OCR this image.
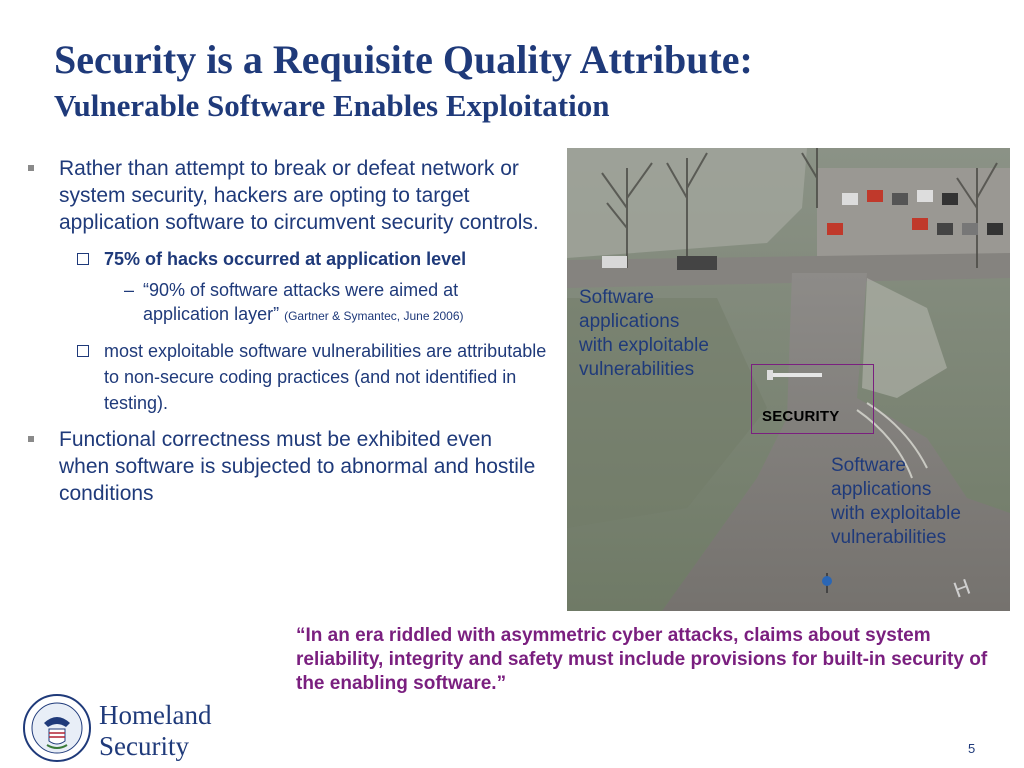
Security is a Requisite Quality Attribute:
Vulnerable Software Enables Exploitation
Rather than attempt to break or defeat network or system security, hackers are opting to target application software to circumvent security controls.
75% of hacks occurred at application level
– “90% of software attacks were aimed at application layer” (Gartner & Symantec, June 2006)
most exploitable software vulnerabilities are attributable to non-secure coding practices (and not identified in testing).
Functional correctness must be exhibited even when software is subjected to abnormal and hostile conditions
H
Software
applications
with exploitable
vulnerabilities
SECURITY
Software
applications
with exploitable
vulnerabilities
“In an era riddled with asymmetric cyber attacks, claims about system reliability, integrity and safety must include provisions for built-in security of the enabling software.”
Homeland
Security	5
